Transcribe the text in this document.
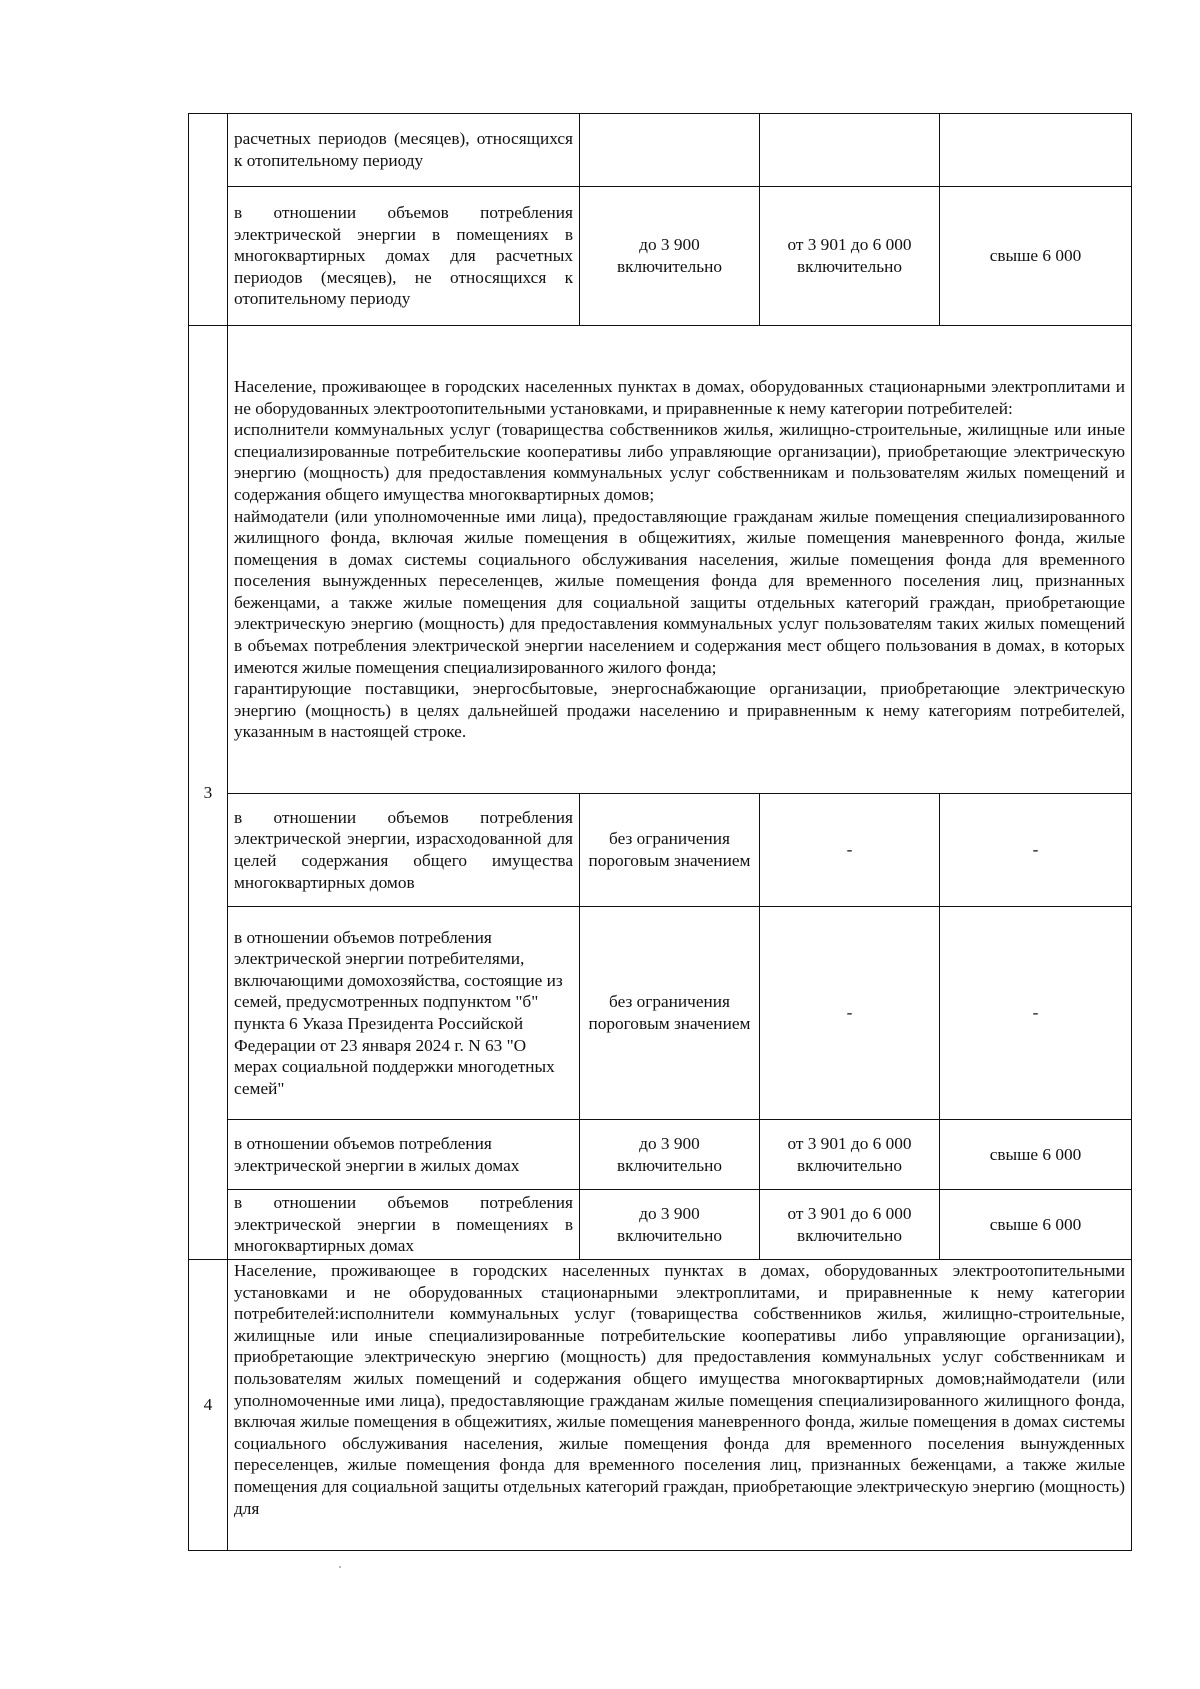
	расчетных периодов (месяцев), относящихся к отопительному периоду			
	в отношении объемов потребления электрической энергии в помещениях в многоквартирных домах для расчетных периодов (месяцев), не относящихся к отопительному периоду	до 3 900 включительно	от 3 901 до 6 000 включительно	свыше 6 000
3	Население, проживающее в городских населенных пунктах в домах, оборудованных стационарными электроплитами и не оборудованных электроотопительными установками, и приравненные к нему категории потребителей:
исполнители коммунальных услуг (товарищества собственников жилья, жилищно-строительные, жилищные или иные специализированные потребительские кооперативы либо управляющие организации), приобретающие электрическую энергию (мощность) для предоставления коммунальных услуг собственникам и пользователям жилых помещений и содержания общего имущества многоквартирных домов;
наймодатели (или уполномоченные ими лица), предоставляющие гражданам жилые помещения специализированного жилищного фонда, включая жилые помещения в общежитиях, жилые помещения маневренного фонда, жилые помещения в домах системы социального обслуживания населения, жилые помещения фонда для временного поселения вынужденных переселенцев, жилые помещения фонда для временного поселения лиц, признанных беженцами, а также жилые помещения для социальной защиты отдельных категорий граждан, приобретающие электрическую энергию (мощность) для предоставления коммунальных услуг пользователям таких жилых помещений в объемах потребления электрической энергии населением и содержания мест общего пользования в домах, в которых имеются жилые помещения специализированного жилого фонда;
гарантирующие поставщики, энергосбытовые, энергоснабжающие организации, приобретающие электрическую энергию (мощность) в целях дальнейшей продажи населению и приравненным к нему категориям потребителей, указанным в настоящей строке.			

	в отношении объемов потребления электрической энергии, израсходованной для целей содержания общего имущества многоквартирных домов	без ограничения пороговым значением	-	-
	в отношении объемов потребления электрической энергии потребителями, включающими домохозяйства, состоящие из семей, предусмотренных подпунктом "б" пункта 6 Указа Президента Российской Федерации от 23 января 2024 г. N 63 "О мерах социальной поддержки многодетных семей"	без ограничения пороговым значением	-	-
	в отношении объемов потребления электрической энергии в жилых домах	до 3 900 включительно	от 3 901 до 6 000 включительно	свыше 6 000
	в отношении объемов потребления электрической энергии в помещениях в многоквартирных домах	до 3 900 включительно	от 3 901 до 6 000 включительно	свыше 6 000
4	Население, проживающее в городских населенных пунктах в домах, оборудованных электроотопительными установками и не оборудованных стационарными электроплитами, и приравненные к нему категории потребителей:исполнители коммунальных услуг (товарищества собственников жилья, жилищно-строительные, жилищные или иные специализированные потребительские кооперативы либо управляющие организации), приобретающие электрическую энергию (мощность) для предоставления коммунальных услуг собственникам и пользователям жилых помещений и содержания общего имущества многоквартирных домов;наймодатели (или уполномоченные ими лица), предоставляющие гражданам жилые помещения специализированного жилищного фонда, включая жилые помещения в общежитиях, жилые помещения маневренного фонда, жилые помещения в домах системы социального обслуживания населения, жилые помещения фонда для временного поселения вынужденных переселенцев, жилые помещения фонда для временного поселения лиц, признанных беженцами, а также жилые помещения для социальной защиты отдельных категорий граждан, приобретающие электрическую энергию (мощность) для			
